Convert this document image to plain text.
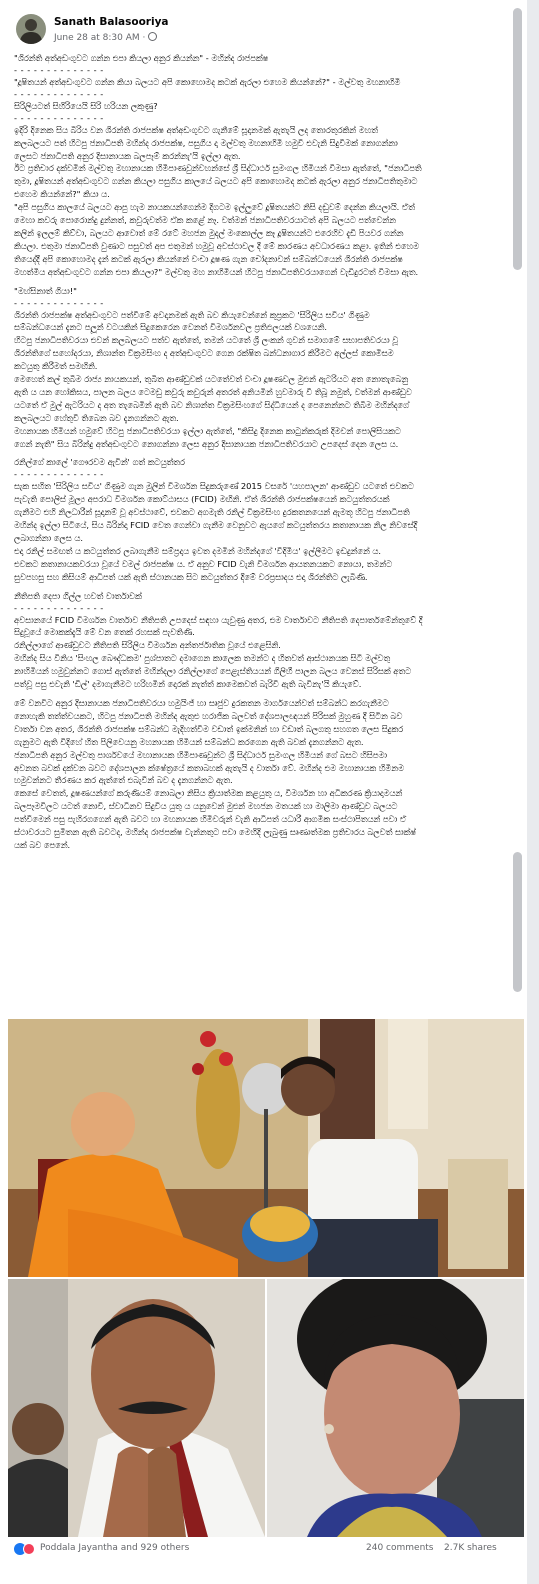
Sanath Balasooriya
June 28 at 8:30 AM ·
"ශිරන්ති අත්අඩංගුවට ගන්න එපා කියලා අනුර කියන්න" - මහින්ද රාජපක්ෂ
- - - - - - - - - - - - - -
"දූෂිතයන් අත්අඩංගුවට ගන්න කියා බලයට අපි කොහොමද කටක් ඇරලා එහෙම කියන්නේ?" - මල්වතු මහනාහිමි
- - - - - - - - - - - - - -
සිරිලියටත් සිහිරියෙයි සිරි හරියන ලකුණු?
- - - - - - - - - - - - - -
ඉදිරි දිනෙක සිය බිරිය වන ශිරන්ති රාජපක්ෂ අත්අඩංගුවට ගැනීමේ සූදානමක් ඇතැයි ලද තොරතුරකින් මහත්
කලබලයට පත් හිටපු ජනාධිපති මහින්ද රාජපක්ෂ, පසුගිය දා මල්වතු මහනාහිමි හමුවී එවැනි සිදුවීමක් නොගන්නා
ලෙසට ජනාධිපති අනුර දිසානායක බලපෑම් කරන්නැ'යි ඉල්ලා ඇත.
ඊට ප්‍රතිචාර දක්වමින් මල්වතු මහානායක හිමිපාණවුන්වහන්සේ ශ්‍රී සිද්ධාර්ථ සුමංගල හිමියන් විමසා ඇත්තේ, "ජනාධිපති
තුමා, දූෂිතයන් අත්අඩංගුවට ගන්න කියලා පසුගිය කාලයේ බලයට අපි කොහොමද කටක් ඇරලා අනුර ජනාධිපතිතුමාට
එහෙම කියන්නේ?" කියා ය.
"අපි පසුගිය කාලයේ බලයට ආපු හැම නායකයන්ගෙන්ම දිගටම ඉල්ලුවේ දූෂිතයන්ට නිසි දඬුවම් දෙන්න කියලායි. ඒත්
මෙහා කවරු පොරොන්දු දුන්නත්, කවුරුවත්ම ඒක කළේ නෑ. වත්මන් ජනාධිපතිවරයාටත් අපි බලයට පත්වෙන්න
කලින් ඉලලම් කිව්වා, බලයට ආවොත් මේ රටේ මහජන මුදල් මංකොල්ල කෑ දූෂිතයන්ට එරෙහිව දැඩි පියවර ගන්න
කියලා. එතුමා ජනාධිපති වුණාට පසුවත් අප එතුමන් හමුවූ අවස්ථාවල දී මේ කාරණය අවධාරණය කළා. ඉතින් එහෙම
තියෙද්දී අපි කොහොමද දැන් කටක් ඇරලා කියන්නේ වංචා දූෂණ ගැන චෝදනාවන් සම්බන්ධයෙන් ශිරන්ති රාජපක්ෂ
මහත්මිය අත්අඩංගුවට ගන්න එපා කියලා?" මල්වතු මහ නාහිමියන් හිටපු ජනාධිපතිවරයාගෙන් වැඩිදුරටත් විමසා ඇත.
"මහ්සිනාත් ගියා!"
- - - - - - - - - - - - - -
ශිරන්ති රාජපක්ෂ අත්අඩංගුවට පත්වීමේ අවදානමක් ඇති බව කියැවෙන්නේ කුප්‍රකට 'සිරිලිය සවිය' ගිණුම
සම්බන්ධයෙන් දැනට පලූන් වටයකින් සිදුකෙරෙන වෙනත් විමර්ශනවල ප්‍රතිඵලයක් වශයෙනි.
හිටපු ජනාධිපතිවරයා එවන් කලබලයට පත්ව ඇත්තේ, තමන් යටතේ ශ්‍රී ලංකන් ගුවන් සමාගමේ සභාපතිවරයා වූ
ශිරන්තිගේ සහෝදරයා, නිශාන්ත වික්‍රමසිංහ ද අත්අඩංගුවට ගෙන රක්ෂිත බන්ධනාගාර කිරීමට අල්ලස් කොමිසම
කටයුතු කිරීමත් සමඟිනි.
මෙහෙත් කල් තුබීම රාජ්‍ය නායකයන්, තුබිත ආණ්ඩුවක් යටතේවත් වංචා දූෂණවල මුළුන් ඇටරියට අත නොතැබෙනු
ඇති ය යන හෝකිඝය, පාලන බලය ටෙමඩු කවුරු කවුරුන් අතරත් අනියමින් හුවමාරු වී තිබූ නමුත්, වත්මන් ආණ්ඩුව
යටතේ ඒ මුල් ඇටරියට ද අත තැබෙමින් ඇති බව නිශාන්ත වික්‍රමසිංහගේ සිද්ධියෙන් ද පෙනෙන්නට තිබීම මහින්දගේ
කලබලයට හේතුවී තිබෙන බව දැනගන්නට ඇත.
මහනායක හිමියන් හමුවේ හිටපු ජනාධිපතිවරයා ඉල්ලා ඇත්තේ, "කිසිදු දිනෙක කාටුන්කරුක් දිමවන් පොලිසියකට
ගෙන් නැති" සිය බිරින්දු අත්අඩංගුවට නොගන්නා ලෙස අනුර දිසානායක ජනාධිපතිවරයාට උපදෙස් දෙන ලෙස ය.
රනිල්ගේ කාලේ 'ගෞරවම ඇවින්' ගත් කටයුත්තර
- - - - - - - - - - - - - -
සැක සහිත 'සිරිලිය සවිය' ගිණුම ගැන මුලින් විමර්ශන සිදුකරුණේ 2015 වසරේ 'යහපාලන' ආණ්ඩුව යටතේ එවකට
පැවැති පොලිස් මූල්‍ය අපරාධ විමර්ශන කොට්ඨාසය (FCID) මඟිනි. ඒත් ශිරන්ති රාජපක්ෂයෙන් කටයුත්තරයක්
ගැනීමට එහි නිලධාරීන් සූදානම් වූ අවස්ථාවේ, එවකට අගමැති රනිල් වික්‍රමසිංහ දුරකතනයෙන් ඇමතූ හිටපු ජනාධිපති
මහින්ද ඉල්ලා සිටියේ, සිය බිරින්දා FCID වෙත ගෙන්වා ගැනීම වෙනුවට ඇයගේ කටයුත්තරය කතානායක නිල නිවසේදී
ලබාගන්නා ලෙස ය.
එදා රනිල් සමඟත් ය කටයුත්තර ලබාගැනීම සම්ප්‍රදාය ඉවත දමමින් මහින්දගේ 'වීදිමිය' ඉල්ලීමට ඉඩදුන්නේ ය.
එවකට කතානායකවරයා වූයේ වමල් රාජපක්ෂ ය. ඒ අනුව FCID වැනි විමර්ශන ආයතනයකට නොයා, තමන්ට
සුවපහසු සහ කිසියම් ආධිපත් යක් ඇති ස්ථානයක සිට කටයුත්තර දීමේ වරප්‍රසාදය එදා ශිරන්තිට ලැබිණි.
නීතිපති දෙපා ගිල්ල හවත් වාර්තාවක්
- - - - - - - - - - - - - -
අවසානයේ FCID විමර්ශන වාර්තාව නීතිපති උපදෙස් සඳහා යැවුණු අතර, එම වාර්තාවට නීතිපති දෙපාර්තමේන්තුවේ දී
සිදුවූයේ මොකක්දැයි මේ වන තෙක් රහසක් පැවතිණි.
රනිල්ලාගේ ආණ්ඩුවට නීතිපති සිරිලිය විමර්ශන අන්තර්ජාතික වූයේ එළෙසිනි.
මහින්ද සිය විනිය 'සිංහල බෞද්ධකම' පුශ්පාතට දමාගෙන කාලෙක තමන්ට ද හිතවත් ආස්ථානයක සිටි මල්වතු
නාහිමියන් හමුවුන්නට ගොස් ඇත්තේ මහින්දලා රනිල්ලාගේ පෙළැස්තියයන් ගිලිහී පාලන බලය වෙනස් සිරිසක් අතට
පත්වූ පසු එවැනි 'ඩීල්' දමාගැනීමට හරිහමින් දොරක් නැත්ත් කාමෙකවත් බැරිවී ඇති බැවිනැ'යි කියැවේ.
මේ වනවිට අනුර දිසානායක ජනාධිපතිවරයා හමුයිංජ් හා සෘජුව දුරකතන මාර්ගයෙන්වත් සම්බන්ධ කරගැනීමට
නොහැකි තත්ත්වයකට, හිටපු ජනාධිපති මහින්ද ඇතුළු හරාජික බලවත් දේශපාලඥයන් පිරිසක් මුහුණ දී සිටින බව
වාර්තා වන අතර, ශිරන්ති රාජපක්ෂ සම්බන්ධ මැදිහත්වීම වඩාත් ඉක්මනින් හා වඩාත් බලගතු සහගත ලෙස සිදුකර
ගැනුමට ඇති විදිහේ හිත පිලිවෙයනු මහනායක හිමියන් සම්බන්ධ කරගෙන ඇති බවක් දැනගන්නට ඇත.
ජනාධිපති අනුර මල්වතු පාර්ශවයේ මහානායක හිමිපාණවුන්ට ශ්‍රී සිද්ධාර්ථ සුමංගල හිමියන් ගේ බසට හිසිපමා
අවනත බවක් දක්වන බවට දේශපාලන ක්ෂේත්‍රයේ කතාබහක් ඇතැයි ද වාර්තා වේ. මහින්ද එම මහානායක හිමිනම
හමුවන්නට තීරණය කර ඇත්තේ එබැවින් බව ද දැනගන්නට ඇත.
කෙසේ වෙතත්, දූෂණයන්ගේ කරුණියම් නොබලා නිසිය ක්‍රියාත්මක කළයුතු ය, විමර්ශන හා අධිකරණ ක්‍රියාදාමයන්
බලපෑමවිලට යටත් නොවී, ස්වාධීනව සිදුවිය යුතු ය යනුවෙන් මුළුන් මහජන මතයක් හා මාලිමා ආණ්ඩුව බලයට
පත්වීමෙන් පසු පැහිරගගෙන් ඇති බවට හා මහනායක හිමිවරුන් වැනි ආධිපත් යධාරී ආගමික සංස්ථාපිතයන් පවා ඒ
ස්ථාවරයට සුමීතන ඇති බවටද, මහින්ද රාජපක්ෂ වැන්නතුට පවා මෙහිදි ලැබුණු සෘණාත්මක ප්‍රතිචාරය බලවත් සාක්ෂ්
යක් බව පෙනේ.
Poddala Jayantha and 929 others	240 comments 2.7K shares
